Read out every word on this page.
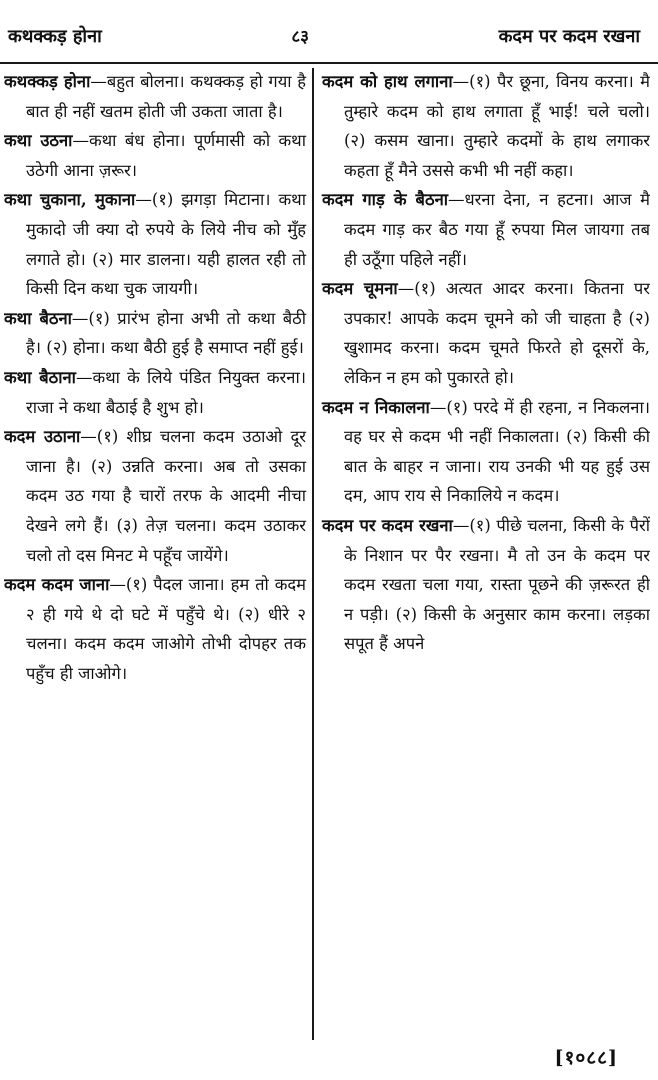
कथक्कड़ होना	८३	कदम पर कदम रखना

कथक्कड़ होना—बहुत बोलना। कथक्कड़ हो गया है बात ही नहीं खतम होती जी उकता जाता है।

कथा उठना—कथा बंध होना। पूर्णमासी को कथा उठेगी आना ज़रूर।

कथा चुकाना, मुकाना—(१) झगड़ा मिटाना। कथा मुकादो जी क्या दो रुपये के लिये नीच को मुँह लगाते हो। (२) मार डालना। यही हालत रही तो किसी दिन कथा चुक जायगी।

कथा बैठना—(१) प्रारंभ होना अभी तो कथा बैठी है। (२) होना। कथा बैठी हुई है समाप्त नहीं हुई।

कथा बैठाना—कथा के लिये पंडित नियुक्त करना। राजा ने कथा बैठाई है शुभ हो।

कदम उठाना—(१) शीघ्र चलना कदम उठाओ दूर जाना है। (२) उन्नति करना। अब तो उसका कदम उठ गया है चारों तरफ के आदमी नीचा देखने लगे हैं। (३) तेज़ चलना। कदम उठाकर चलो तो दस मिनट मे पहूँच जायेंगे।

कदम कदम जाना—(१) पैदल जाना। हम तो कदम २ ही गये थे दो घटे में पहुँचे थे। (२) धीरे २ चलना। कदम कदम जाओगे तोभी दोपहर तक पहुँच ही जाओगे।

कदम को हाथ लगाना—(१) पैर छूना, विनय करना। मै तुम्हारे कदम को हाथ लगाता हूँ भाई! चले चलो। (२) कसम खाना। तुम्हारे कदमों के हाथ लगाकर कहता हूँ मैने उससे कभी भी नहीं कहा।

कदम गाड़ के बैठना—धरना देना, न हटना। आज मै कदम गाड़ कर बैठ गया हूँ रुपया मिल जायगा तब ही उठूँगा पहिले नहीं।

कदम चूमना—(१) अत्यत आदर करना। कितना पर उपकार! आपके कदम चूमने को जी चाहता है (२) खुशामद करना। कदम चूमते फिरते हो दूसरों के, लेकिन न हम को पुकारते हो।

कदम न निकालना—(१) परदे में ही रहना, न निकलना। वह घर से कदम भी नहीं निकालता। (२) किसी की बात के बाहर न जाना। राय उनकी भी यह हुई उस दम, आप राय से निकालिये न कदम।

कदम पर कदम रखना—(१) पीछे चलना, किसी के पैरों के निशान पर पैर रखना। मै तो उन के कदम पर कदम रखता चला गया, रास्ता पूछने की ज़रूरत ही न पड़ी। (२) किसी के अनुसार काम करना। लड़का सपूत हैं अपने

[१०८८]
